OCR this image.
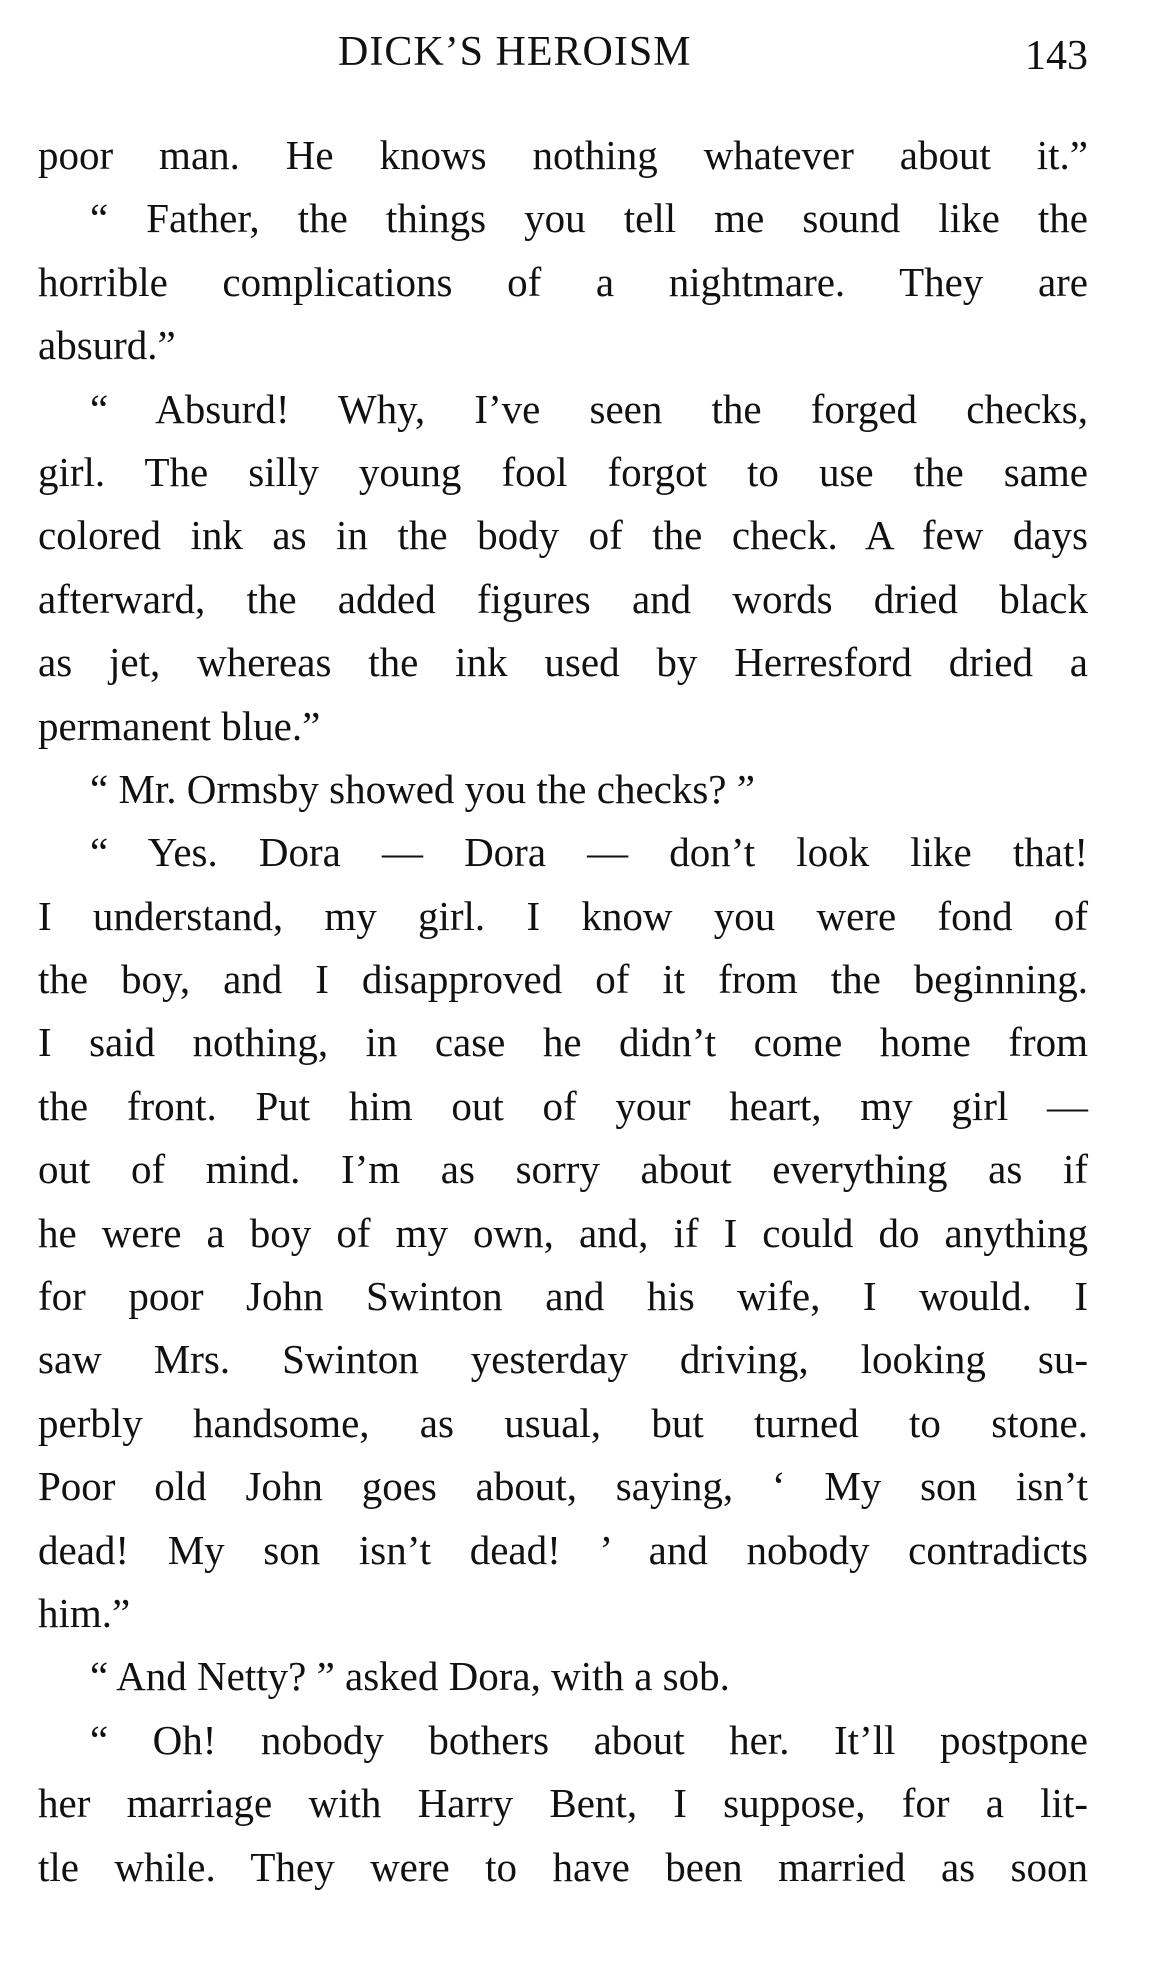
DICK’S HEROISM	143
poor man. He knows nothing whatever about it.”
“ Father, the things you tell me sound like the
horrible complications of a nightmare. They are
absurd.”
“ Absurd! Why, I’ve seen the forged checks,
girl. The silly young fool forgot to use the same
colored ink as in the body of the check. A few days
afterward, the added figures and words dried black
as jet, whereas the ink used by Herresford dried a
permanent blue.”
“ Mr. Ormsby showed you the checks? ”
“ Yes. Dora — Dora — don’t look like that!
I understand, my girl. I know you were fond of
the boy, and I disapproved of it from the beginning.
I said nothing, in case he didn’t come home from
the front. Put him out of your heart, my girl —
out of mind. I’m as sorry about everything as if
he were a boy of my own, and, if I could do anything
for poor John Swinton and his wife, I would. I
saw Mrs. Swinton yesterday driving, looking su-
perbly handsome, as usual, but turned to stone.
Poor old John goes about, saying, ‘ My son isn’t
dead! My son isn’t dead! ’ and nobody contradicts
him.”
“ And Netty? ” asked Dora, with a sob.
“ Oh! nobody bothers about her. It’ll postpone
her marriage with Harry Bent, I suppose, for a lit-
tle while. They were to have been married as soon
